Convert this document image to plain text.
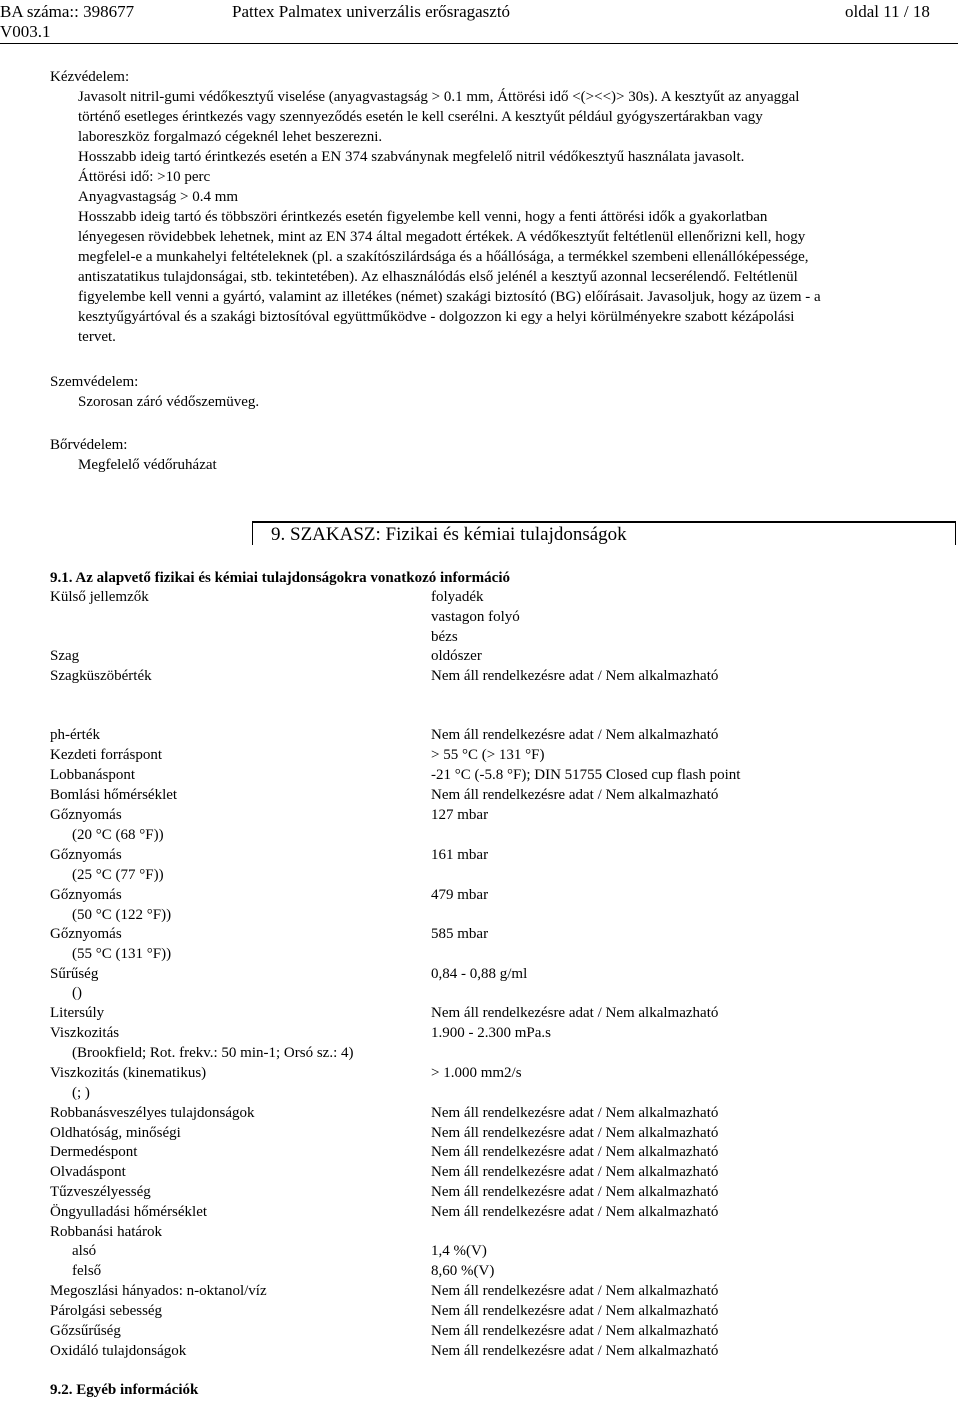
BA száma:: 398677
V003.1
Pattex Palmatex univerzális erősragasztó	oldal 11 / 18
Kézvédelem:
Javasolt nitril-gumi védőkesztyű viselése (anyagvastagság > 0.1 mm, Áttörési idő <(><<)> 30s). A kesztyűt az anyaggal
történő esetleges érintkezés vagy szennyeződés esetén le kell cserélni. A kesztyűt például gyógyszertárakban vagy
laboreszköz forgalmazó cégeknél lehet beszerezni.
Hosszabb ideig tartó érintkezés esetén a EN 374 szabványnak megfelelő nitril védőkesztyű használata javasolt.
Áttörési idő: >10 perc
Anyagvastagság > 0.4 mm
Hosszabb ideig tartó és többszöri érintkezés esetén figyelembe kell venni, hogy a fenti áttörési idők a gyakorlatban
lényegesen rövidebbek lehetnek, mint az EN 374 által megadott értékek. A védőkesztyűt feltétlenül ellenőrizni kell, hogy
megfelel-e a munkahelyi feltételeknek (pl. a szakítószilárdsága és a hőállósága, a termékkel szembeni ellenállóképessége,
antiszatatikus tulajdonságai, stb. tekintetében). Az elhasználódás első jelénél a kesztyű azonnal lecserélendő. Feltétlenül
figyelembe kell venni a gyártó, valamint az illetékes (német) szakági biztosító (BG) előírásait. Javasoljuk, hogy az üzem - a
kesztyűgyártóval és a szakági biztosítóval együttműködve - dolgozzon ki egy a helyi körülményekre szabott kézápolási
tervet.
Szemvédelem:
Szorosan záró védőszemüveg.
Bőrvédelem:
Megfelelő védőruházat
9. SZAKASZ: Fizikai és kémiai tulajdonságok
9.1. Az alapvető fizikai és kémiai tulajdonságokra vonatkozó információ
Külső jellemzők	folyadék
vastagon folyó
bézs
Szag	oldószer
Szagküszöbérték	Nem áll rendelkezésre adat / Nem alkalmazható
ph-érték	Nem áll rendelkezésre adat / Nem alkalmazható
Kezdeti forráspont	> 55 °C (> 131 °F)
Lobbanáspont	-21 °C (-5.8 °F); DIN 51755 Closed cup flash point
Bomlási hőmérséklet	Nem áll rendelkezésre adat / Nem alkalmazható
Gőznyomás	127 mbar
(20 °C (68 °F))
Gőznyomás	161 mbar
(25 °C (77 °F))
Gőznyomás	479 mbar
(50 °C (122 °F))
Gőznyomás	585 mbar
(55 °C (131 °F))
Sűrűség	0,84 - 0,88 g/ml
()
Litersúly	Nem áll rendelkezésre adat / Nem alkalmazható
Viszkozitás	1.900 - 2.300 mPa.s
(Brookfield; Rot. frekv.: 50 min-1; Orsó sz.: 4)
Viszkozitás (kinematikus)	> 1.000 mm2/s
(; )
Robbanásveszélyes tulajdonságok	Nem áll rendelkezésre adat / Nem alkalmazható
Oldhatóság, minőségi	Nem áll rendelkezésre adat / Nem alkalmazható
Dermedéspont	Nem áll rendelkezésre adat / Nem alkalmazható
Olvadáspont	Nem áll rendelkezésre adat / Nem alkalmazható
Tűzveszélyesség	Nem áll rendelkezésre adat / Nem alkalmazható
Öngyulladási hőmérséklet	Nem áll rendelkezésre adat / Nem alkalmazható
Robbanási határok
alsó	1,4 %(V)
felső	8,60 %(V)
Megoszlási hányados: n-oktanol/víz	Nem áll rendelkezésre adat / Nem alkalmazható
Párolgási sebesség	Nem áll rendelkezésre adat / Nem alkalmazható
Gőzsűrűség	Nem áll rendelkezésre adat / Nem alkalmazható
Oxidáló tulajdonságok	Nem áll rendelkezésre adat / Nem alkalmazható
9.2. Egyéb információk
